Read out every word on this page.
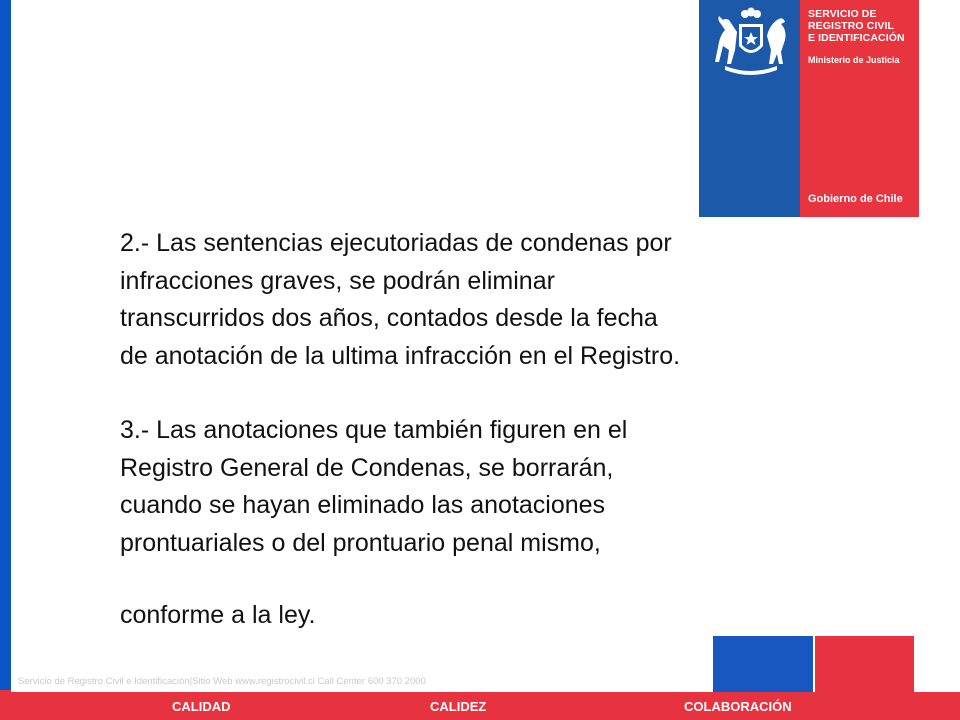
SERVICIO DE
REGISTRO CIVIL
E IDENTIFICACIÓN
Ministerio de Justicia
Gobierno de Chile

2.- Las sentencias ejecutoriadas de condenas por
infracciones graves, se podrán eliminar
transcurridos dos años, contados desde la fecha
de anotación de la ultima infracción en el Registro.

3.- Las anotaciones que también figuren en el
Registro General de Condenas, se borrarán,
cuando se hayan eliminado las anotaciones
prontuariales o del prontuario penal mismo,

conforme a la ley.

Servicio de Registro Civil e Identificación|Sitio Web www.registrocivil.cl Call Center 600 370 2000
CALIDAD	CALIDEZ	COLABORACIÓN
